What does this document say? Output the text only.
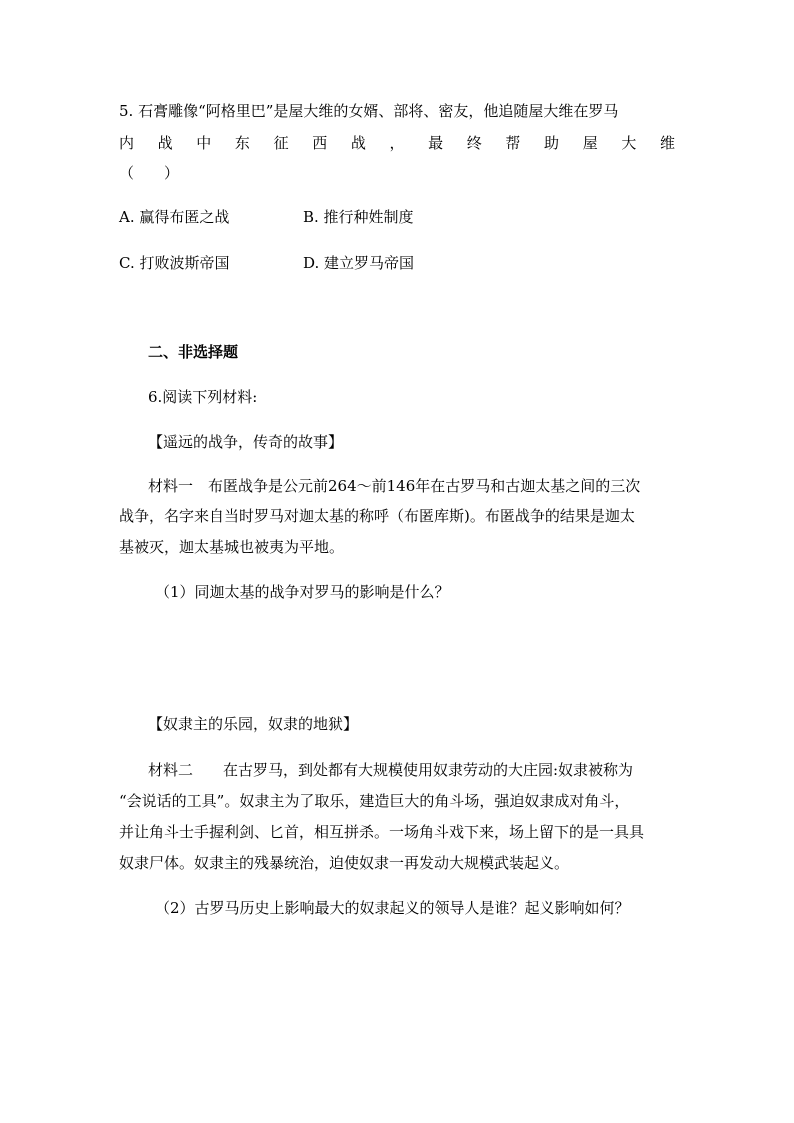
5. 石膏雕像“阿格里巴”是屋大维的女婿、部将、密友，他追随屋大维在罗马
内 战 中 东 征 西 战 ， 最 终 帮 助 屋 大 维
（　　）
A. 赢得布匿之战	B. 推行种姓制度
C. 打败波斯帝国	D. 建立罗马帝国
二、非选择题
6.阅读下列材料:
【遥远的战争，传奇的故事】
材料一　布匿战争是公元前264～前146年在古罗马和古迦太基之间的三次
战争，名字来自当时罗马对迦太基的称呼（布匿库斯)。布匿战争的结果是迦太
基被灭，迦太基城也被夷为平地。
（1）同迦太基的战争对罗马的影响是什么？
【奴隶主的乐园，奴隶的地狱】
材料二　　在古罗马，到处都有大规模使用奴隶劳动的大庄园:奴隶被称为
“会说话的工具”。奴隶主为了取乐，建造巨大的角斗场，强迫奴隶成对角斗，
并让角斗士手握利剑、匕首，相互拼杀。一场角斗戏下来，场上留下的是一具具
奴隶尸体。奴隶主的残暴统治，迫使奴隶一再发动大规模武装起义。
（2）古罗马历史上影响最大的奴隶起义的领导人是谁？起义影响如何？
